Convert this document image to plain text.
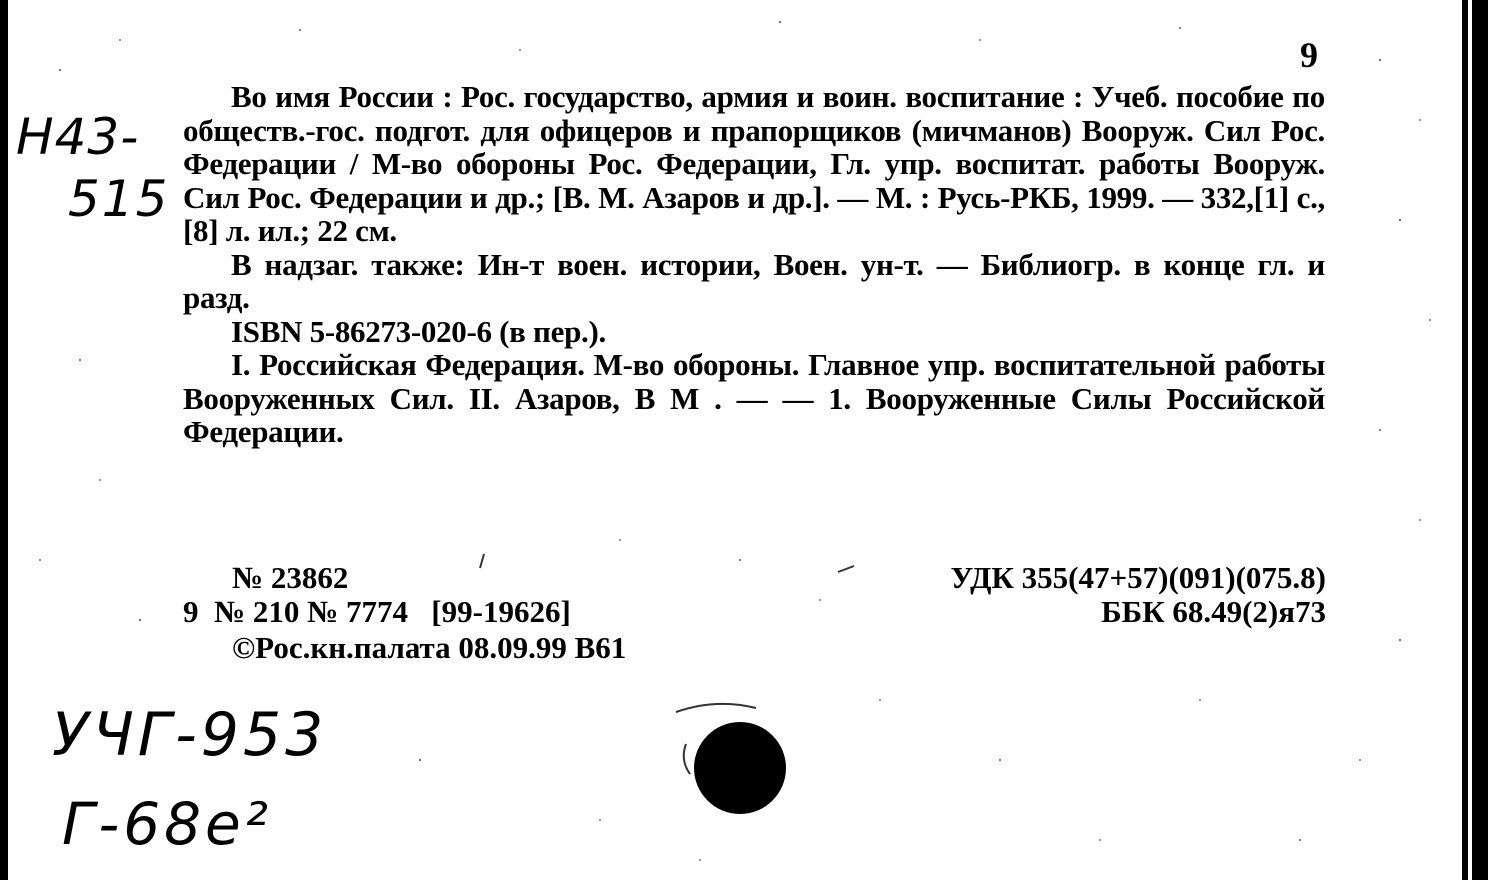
9
Н43-
515

Во имя России : Рос. государство, армия и воин. воспитание : Учеб. пособие по обществ.-гос. подгот. для офицеров и прапорщиков (мичманов) Вооруж. Сил Рос. Федерации / М-во обороны Рос. Федерации, Гл. упр. воспитат. работы Вооруж. Сил Рос. Федерации и др.; [В. М. Азаров и др.]. — М. : Русь-РКБ, 1999. — 332,[1] с., [8] л. ил.; 22 см.

В надзаг. также: Ин-т воен. истории, Воен. ун-т. — Библиогр. в конце гл. и разд.

ISBN 5-86273-020-6 (в пер.).

I. Российская Федерация. М-во обороны. Главное упр. воспитательной работы Вооруженных Сил. II. Азаров, В М . — — 1. Вооруженные Силы Российской Федерации.

№ 23862
9  № 210 № 7774   [99-19626]
©Рос.кн.палата 08.09.99 В61
УДК 355(47+57)(091)(075.8)
ББК 68.49(2)я73
УЧГ-953
Г-68е²
